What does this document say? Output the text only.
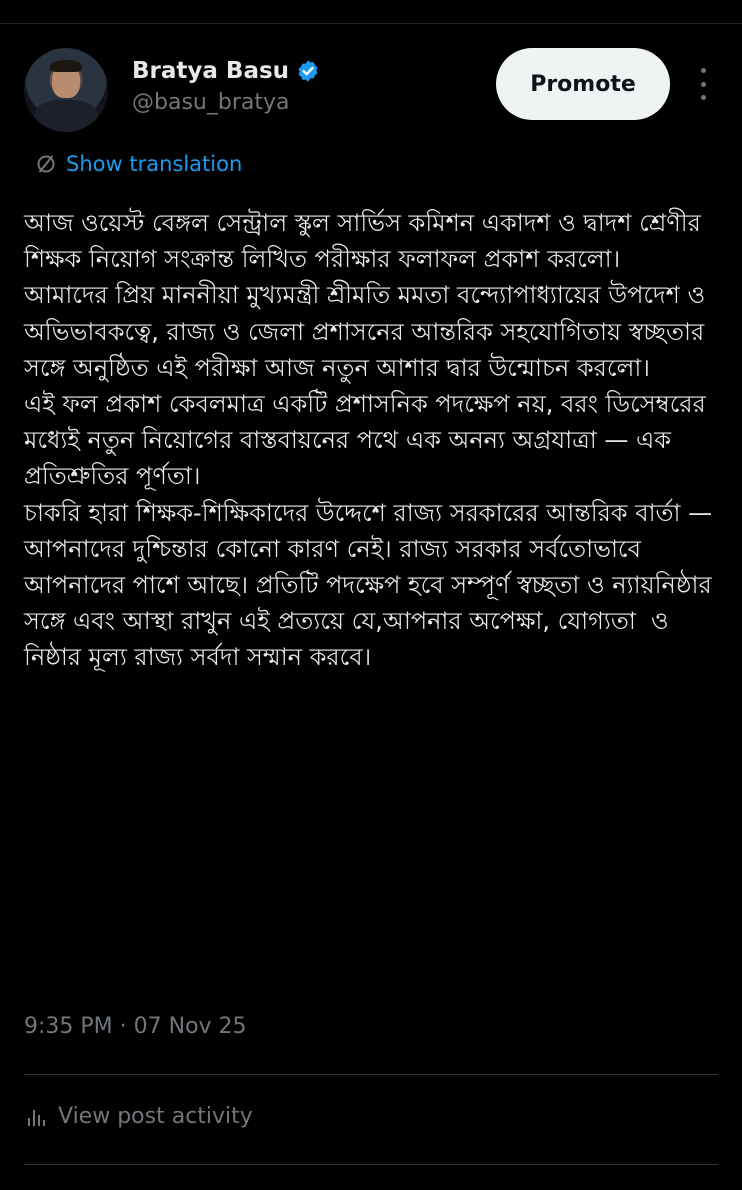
Bratya Basu
@basu_bratya
Promote
Show translation
আজ ওয়েস্ট বেঙ্গল সেন্ট্রাল স্কুল সার্ভিস কমিশন একাদশ ও দ্বাদশ শ্রেণীর শিক্ষক নিয়োগ সংক্রান্ত লিখিত পরীক্ষার ফলাফল প্রকাশ করলো।
আমাদের প্রিয় মাননীয়া মুখ্যমন্ত্রী শ্রীমতি মমতা বন্দ্যোপাধ্যায়ের উপদেশ ও অভিভাবকত্বে, রাজ্য ও জেলা প্রশাসনের আন্তরিক সহযোগিতায় স্বচ্ছতার সঙ্গে অনুষ্ঠিত এই পরীক্ষা আজ নতুন আশার দ্বার উন্মোচন করলো।
এই ফল প্রকাশ কেবলমাত্র একটি প্রশাসনিক পদক্ষেপ নয়, বরং ডিসেম্বরের মধ্যেই নতুন নিয়োগের বাস্তবায়নের পথে এক অনন্য অগ্রযাত্রা — এক প্রতিশ্রুতির পূর্ণতা।
চাকরি হারা শিক্ষক-শিক্ষিকাদের উদ্দেশে রাজ্য সরকারের আন্তরিক বার্তা —
আপনাদের দুশ্চিন্তার কোনো কারণ নেই। রাজ্য সরকার সর্বতোভাবে আপনাদের পাশে আছে। প্রতিটি পদক্ষেপ হবে সম্পূর্ণ স্বচ্ছতা ও ন্যায়নিষ্ঠার সঙ্গে এবং আস্থা রাখুন এই প্রত্যয়ে যে,আপনার অপেক্ষা, যোগ্যতা  ও নিষ্ঠার মূল্য রাজ্য সর্বদা সম্মান করবে।
9:35 PM · 07 Nov 25
View post activity
